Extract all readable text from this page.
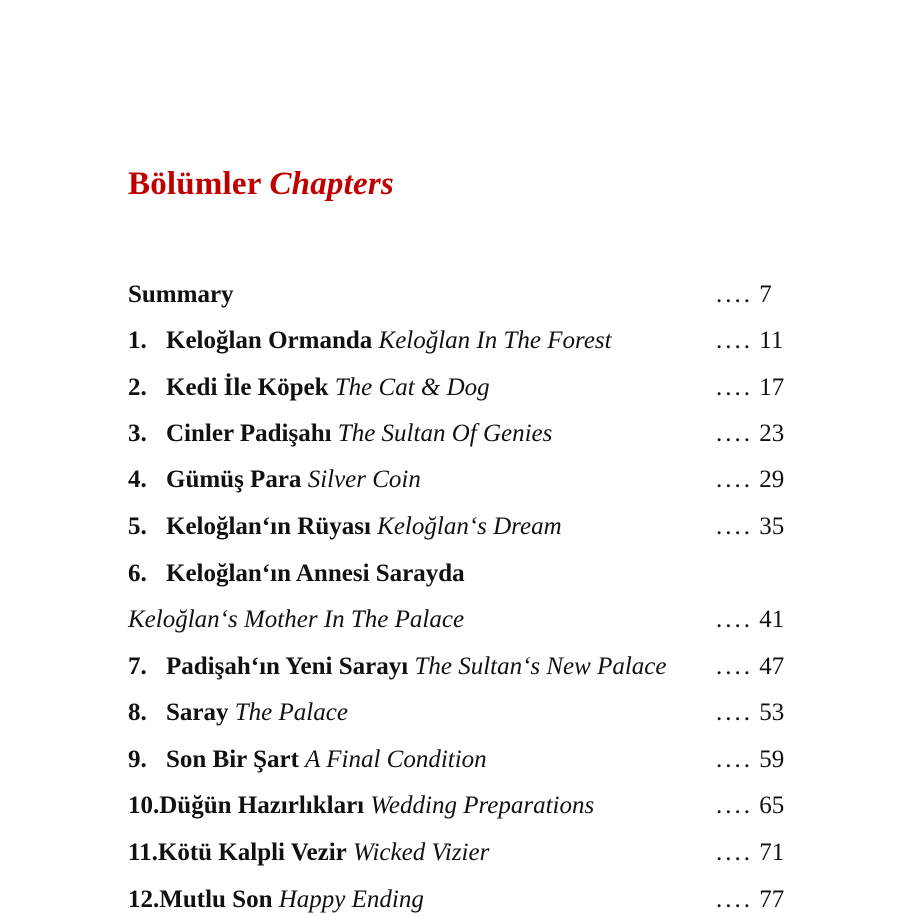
Bölümler Chapters
Summary	.... 7
1. Keloğlan Ormanda Keloğlan In The Forest	.... 11
2. Kedi İle Köpek The Cat & Dog	.... 17
3. Cinler Padişahı The Sultan Of Genies	.... 23
4. Gümüş Para Silver Coin	.... 29
5. Keloğlan‘ın Rüyası Keloğlan‘s Dream	.... 35
6. Keloğlan‘ın Annesi Sarayda
Keloğlan‘s Mother In The Palace	.... 41
7. Padişah‘ın Yeni Sarayı The Sultan‘s New Palace .... 47
8. Saray The Palace	.... 53
9. Son Bir Şart A Final Condition	.... 59
10.Düğün Hazırlıkları Wedding Preparations	.... 65
11.Kötü Kalpli Vezir Wicked Vizier	.... 71
12.Mutlu Son Happy Ending	.... 77
